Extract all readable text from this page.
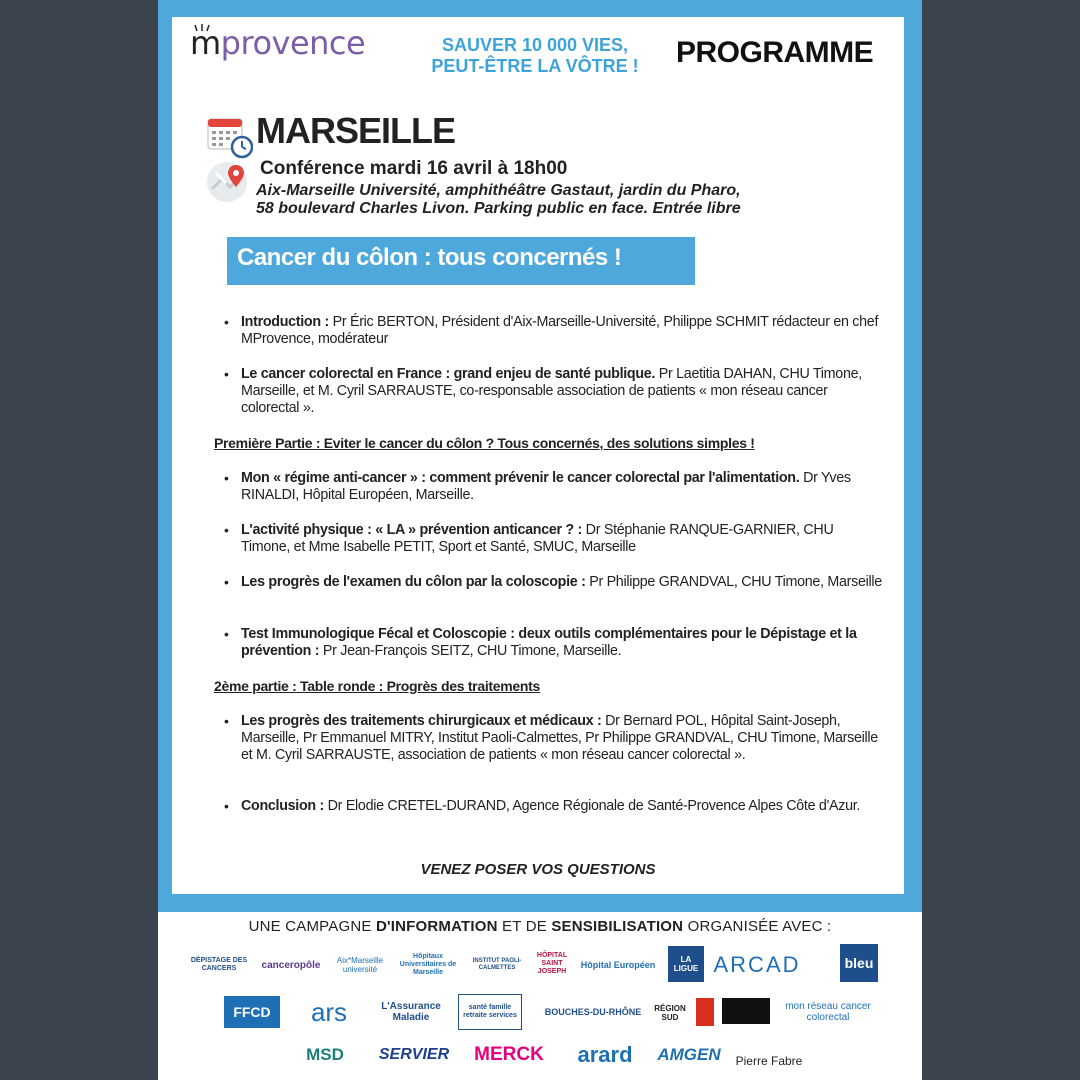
mprovence	SAUVER 10 000 VIES,
PEUT-ÊTRE LA VÔTRE !	PROGRAMME
MARSEILLE
Conférence mardi 16 avril à 18h00
Aix-Marseille Université, amphithéâtre Gastaut, jardin du Pharo,
58 boulevard Charles Livon. Parking public en face. Entrée libre
Cancer du côlon : tous concernés !
• Introduction : Pr Éric BERTON, Président d'Aix-Marseille-Université, Philippe SCHMIT rédacteur en chef MProvence, modérateur
• Le cancer colorectal en France : grand enjeu de santé publique. Pr Laetitia DAHAN, CHU Timone, Marseille, et M. Cyril SARRAUSTE, co-responsable association de patients « mon réseau cancer colorectal ».
Première Partie : Eviter le cancer du côlon ? Tous concernés, des solutions simples !
• Mon « régime anti-cancer » : comment prévenir le cancer colorectal par l'alimentation. Dr Yves RINALDI, Hôpital Européen, Marseille.
• L'activité physique : « LA » prévention anticancer ? : Dr Stéphanie RANQUE-GARNIER, CHU Timone, et Mme Isabelle PETIT, Sport et Santé, SMUC, Marseille
• Les progrès de l'examen du côlon par la coloscopie : Pr Philippe GRANDVAL, CHU Timone, Marseille
• Test Immunologique Fécal et Coloscopie : deux outils complémentaires pour le Dépistage et la prévention : Pr Jean-François SEITZ, CHU Timone, Marseille.
2ème partie : Table ronde : Progrès des traitements
• Les progrès des traitements chirurgicaux et médicaux : Dr Bernard POL, Hôpital Saint-Joseph, Marseille, Pr Emmanuel MITRY, Institut Paoli-Calmettes, Pr Philippe GRANDVAL, CHU Timone, Marseille et M. Cyril SARRAUSTE, association de patients « mon réseau cancer colorectal ».
• Conclusion : Dr Elodie CRETEL-DURAND, Agence Régionale de Santé-Provence Alpes Côte d'Azur.
VENEZ POSER VOS QUESTIONS
UNE CAMPAGNE D'INFORMATION ET DE SENSIBILISATION ORGANISÉE AVEC :
DÉPISTAGE DES CANCERS	canceropôle	Aix*Marseille université
Hôpitaux Universitaires de Marseille
INSTITUT PAOLI-CALMETTES
HÔPITAL SAINT JOSEPH
Hôpital Européen
LA LIGUE ARCAD	bleu
FFCD	ars	L'Assurance Maladie
santé famille retraite services	BOUCHES-DU-RHÔNE	RÉGION SUD
mon réseau cancer colorectal
MSD	SERVIER	MERCK	arard	AMGEN	Pierre Fabre
